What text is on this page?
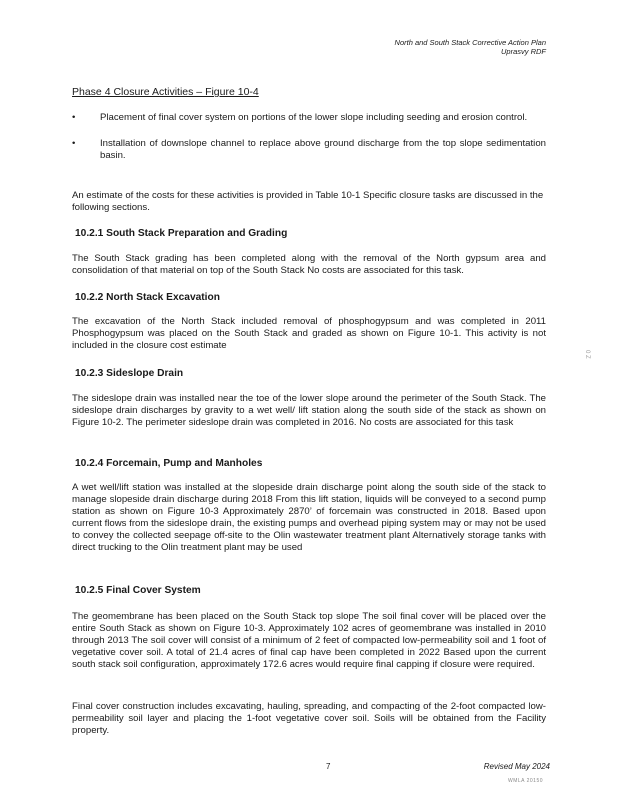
North and South Stack Corrective Action Plan
Uprasvy RDF
Phase 4 Closure Activities – Figure 10-4
•	Placement of final cover system on portions of the lower slope including seeding and erosion control.
•	Installation of downslope channel to replace above ground discharge from the top slope sedimentation basin.
An estimate of the costs for these activities is provided in Table 10-1 Specific closure tasks are discussed in the following sections.
10.2.1 South Stack Preparation and Grading
The South Stack grading has been completed along with the removal of the North gypsum area and consolidation of that material on top of the South Stack No costs are associated for this task.
10.2.2 North Stack Excavation
The excavation of the North Stack included removal of phosphogypsum and was completed in 2011 Phosphogypsum was placed on the South Stack and graded as shown on Figure 10-1. This activity is not included in the closure cost estimate
10.2.3 Sideslope Drain
The sideslope drain was installed near the toe of the lower slope around the perimeter of the South Stack. The sideslope drain discharges by gravity to a wet well/ lift station along the south side of the stack as shown on Figure 10-2. The perimeter sideslope drain was completed in 2016. No costs are associated for this task
10.2.4 Forcemain, Pump and Manholes
A wet well/lift station was installed at the slopeside drain discharge point along the south side of the stack to manage slopeside drain discharge during 2018 From this lift station, liquids will be conveyed to a second pump station as shown on Figure 10-3 Approximately 2870’ of forcemain was constructed in 2018. Based upon current flows from the sideslope drain, the existing pumps and overhead piping system may or may not be used to convey the collected seepage off-site to the Olin wastewater treatment plant Alternatively storage tanks with direct trucking to the Olin treatment plant may be used
10.2.5 Final Cover System
The geomembrane has been placed on the South Stack top slope The soil final cover will be placed over the entire South Stack as shown on Figure 10-3. Approximately 102 acres of geomembrane was installed in 2010 through 2013 The soil cover will consist of a minimum of 2 feet of compacted low-permeability soil and 1 foot of vegetative cover soil. A total of 21.4 acres of final cap have been completed in 2022 Based upon the current south stack soil configuration, approximately 172.6 acres would require final capping if closure were required.
Final cover construction includes excavating, hauling, spreading, and compacting of the 2-foot compacted low-permeability soil layer and placing the 1-foot vegetative cover soil. Soils will be obtained from the Facility property.
0 Z
7	Revised May 2024
WMLA 20150
